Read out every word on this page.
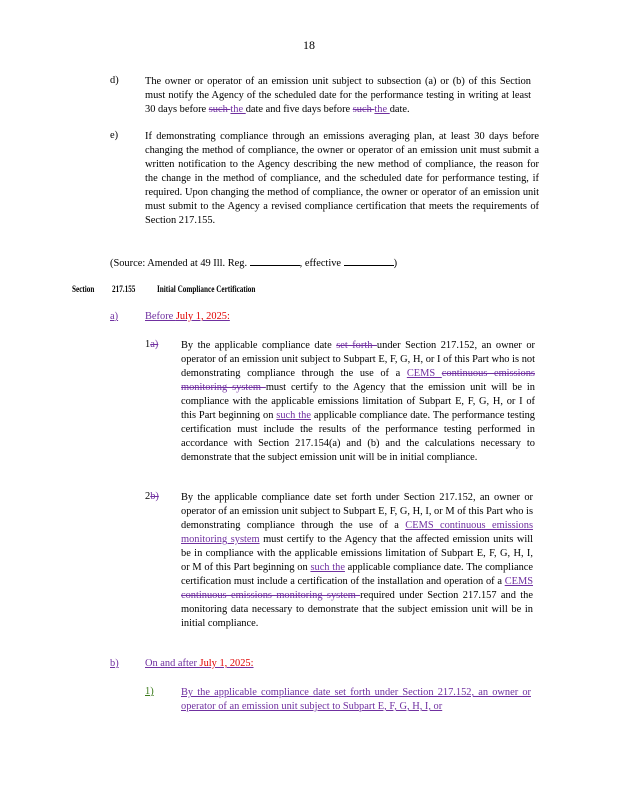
18
d)	The owner or operator of an emission unit subject to subsection (a) or (b) of this Section must notify the Agency of the scheduled date for the performance testing in writing at least 30 days before such the date and five days before such the date.
e)	If demonstrating compliance through an emissions averaging plan, at least 30 days before changing the method of compliance, the owner or operator of an emission unit must submit a written notification to the Agency describing the new method of compliance, the reason for the change in the method of compliance, and the scheduled date for performance testing, if required. Upon changing the method of compliance, the owner or operator of an emission unit must submit to the Agency a revised compliance certification that meets the requirements of Section 217.155.
(Source: Amended at 49 Ill. Reg.	, effective	)
Section 217.155 Initial Compliance Certification
a)	Before July 1, 2025:
1a) By the applicable compliance date set forth under Section 217.152, an owner or operator of an emission unit subject to Subpart E, F, G, H, or I of this Part who is not demonstrating compliance through the use of a CEMS continuous emissions monitoring system must certify to the Agency that the emission unit will be in compliance with the applicable emissions limitation of Subpart E, F, G, H, or I of this Part beginning on such the applicable compliance date. The performance testing certification must include the results of the performance testing performed in accordance with Section 217.154(a) and (b) and the calculations necessary to demonstrate that the subject emission unit will be in initial compliance.
2b) By the applicable compliance date set forth under Section 217.152, an owner or operator of an emission unit subject to Subpart E, F, G, H, I, or M of this Part who is demonstrating compliance through the use of a CEMS continuous emissions monitoring system must certify to the Agency that the affected emission units will be in compliance with the applicable emissions limitation of Subpart E, F, G, H, I, or M of this Part beginning on such the applicable compliance date. The compliance certification must include a certification of the installation and operation of a CEMS continuous emissions monitoring system required under Section 217.157 and the monitoring data necessary to demonstrate that the subject emission unit will be in initial compliance.
b)	On and after July 1, 2025:
1)	By the applicable compliance date set forth under Section 217.152, an owner or operator of an emission unit subject to Subpart E, F, G, H, I, or
